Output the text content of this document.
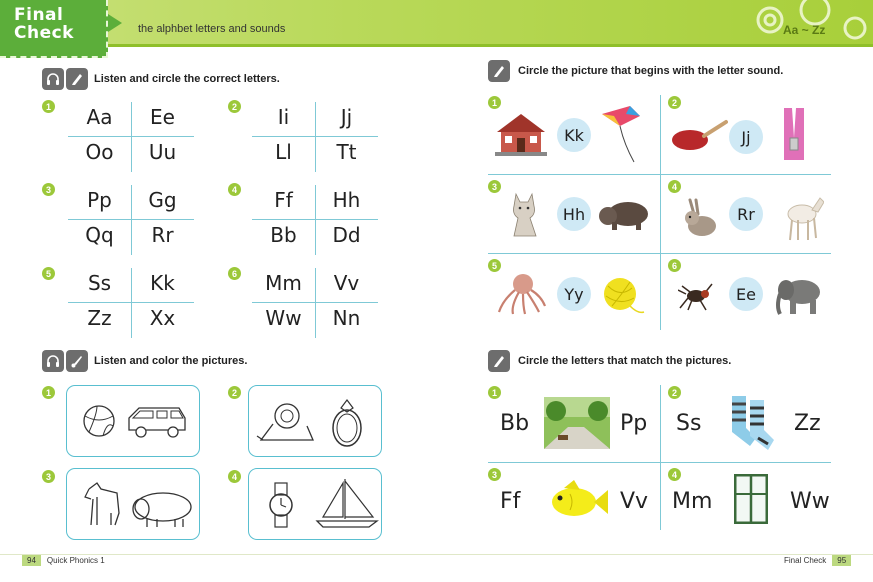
Final
Check	the alphbet letters and sounds	Aa ~ Zz
Listen and circle the correct letters.
1	Aa	Ee
Oo	Uu
2	Ii	Jj
Ll	Tt
3	Pp	Gg
Qq	Rr
4	Ff	Hh
Bb	Dd
5	Ss	Kk
Zz	Xx
6	Mm	Vv
Ww	Nn
Listen and color the pictures.
1	2
3	4
Circle the picture that begins with the letter sound.
1
Kk
2
Jj
3
Hh
4
Rr
5
Yy
6
Ee
Circle the letters that match the pictures.
1
Bb	Pp
2
Ss	Zz
3
Ff	Vv
4
Mm	Ww
94	Quick Phonics 1	Final Check	95
